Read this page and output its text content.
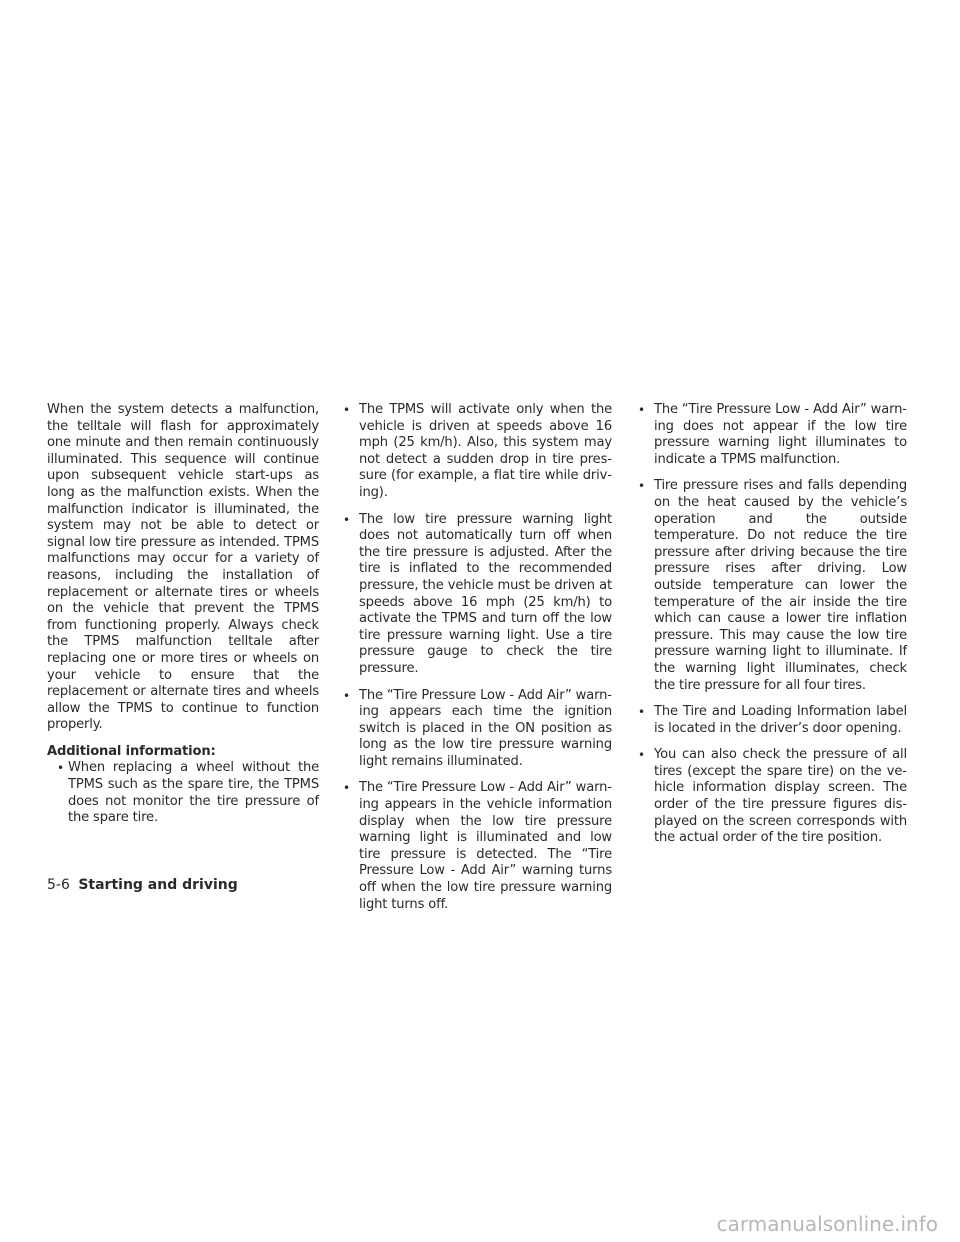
When the system detects a malfunction, the telltale will flash for approximately one minute and then remain continuously illuminated. This sequence will continue upon subsequent vehicle start-ups as long as the malfunction exists. When the malfunction indicator is illuminated, the system may not be able to detect or signal low tire pressure as intended. TPMS malfunctions may occur for a variety of reasons, including the installation of replacement or alternate tires or wheels on the vehicle that prevent the TPMS from functioning properly. Always check the TPMS malfunction telltale after replacing one or more tires or wheels on your vehicle to ensure that the replacement or alternate tires and wheels allow the TPMS to continue to function properly.

Additional information:

• When replacing a wheel without the TPMS such as the spare tire, the TPMS does not monitor the tire pressure of the spare tire.
• The TPMS will activate only when the vehicle is driven at speeds above 16 mph (25 km/h). Also, this system may not detect a sudden drop in tire pressure (for example, a flat tire while driving).
• The low tire pressure warning light does not automatically turn off when the tire pressure is adjusted. After the tire is inflated to the recommended pressure, the vehicle must be driven at speeds above 16 mph (25 km/h) to activate the TPMS and turn off the low tire pressure warning light. Use a tire pressure gauge to check the tire pressure.
• The “Tire Pressure Low - Add Air” warning appears each time the ignition switch is placed in the ON position as long as the low tire pressure warning light remains illuminated.
• The “Tire Pressure Low - Add Air” warning appears in the vehicle information display when the low tire pressure warning light is illuminated and low tire pressure is detected. The “Tire Pressure Low - Add Air” warning turns off when the low tire pressure warning light turns off.
• The “Tire Pressure Low - Add Air” warning does not appear if the low tire pressure warning light illuminates to indicate a TPMS malfunction.
• Tire pressure rises and falls depending on the heat caused by the vehicle’s operation and the outside temperature. Do not reduce the tire pressure after driving because the tire pressure rises after driving. Low outside temperature can lower the temperature of the air inside the tire which can cause a lower tire inflation pressure. This may cause the low tire pressure warning light to illuminate. If the warning light illuminates, check the tire pressure for all four tires.
• The Tire and Loading Information label is located in the driver’s door opening.
• You can also check the pressure of all tires (except the spare tire) on the vehicle information display screen. The order of the tire pressure figures displayed on the screen corresponds with the actual order of the tire position.
5-6 Starting and driving
carmanualsonline.info
